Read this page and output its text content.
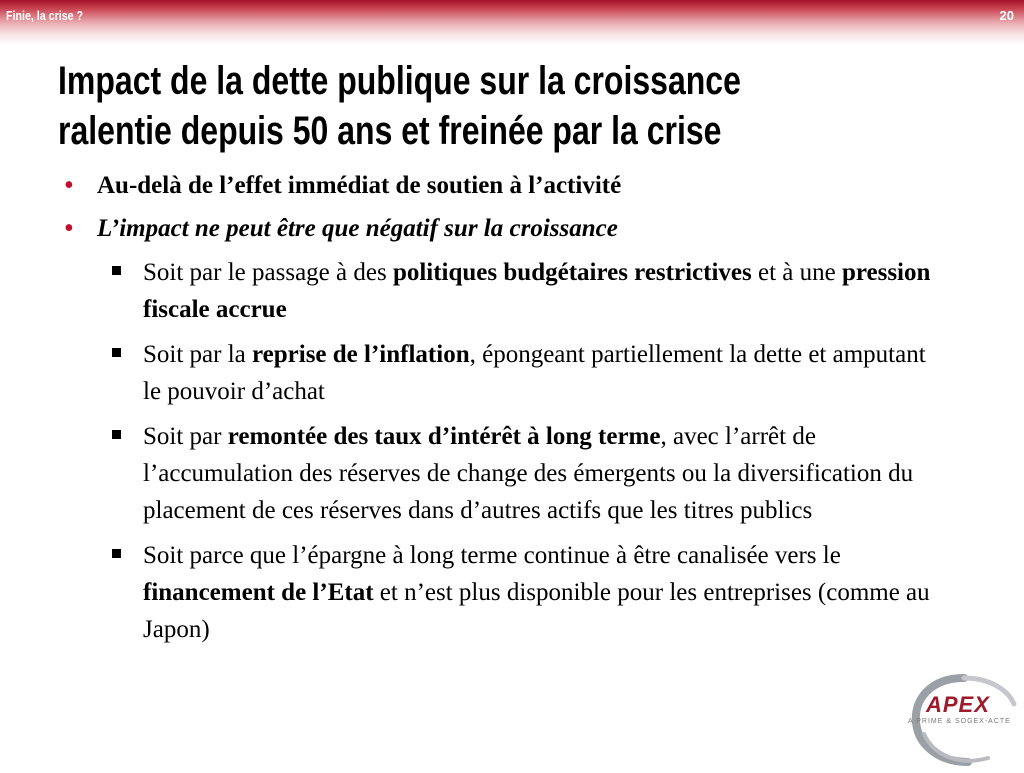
Finie, la crise ?	20
Impact de la dette publique sur la croissance
ralentie depuis 50 ans et freinée par la crise
• Au-delà de l’effet immédiat de soutien à l’activité
• L’impact ne peut être que négatif sur la croissance
Soit par le passage à des politiques budgétaires restrictives et à une pression fiscale accrue
Soit par la reprise de l’inflation, épongeant partiellement la dette et amputant le pouvoir d’achat
Soit par remontée des taux d’intérêt à long terme, avec l’arrêt de l’accumulation des réserves de change des émergents ou la diversification du placement de ces réserves dans d’autres actifs que les titres publics
Soit parce que l’épargne à long terme continue à être canalisée vers le financement de l’Etat et n’est plus disponible pour les entreprises (comme au Japon)
APEX
A PRIME & SOGEX-ACTE
